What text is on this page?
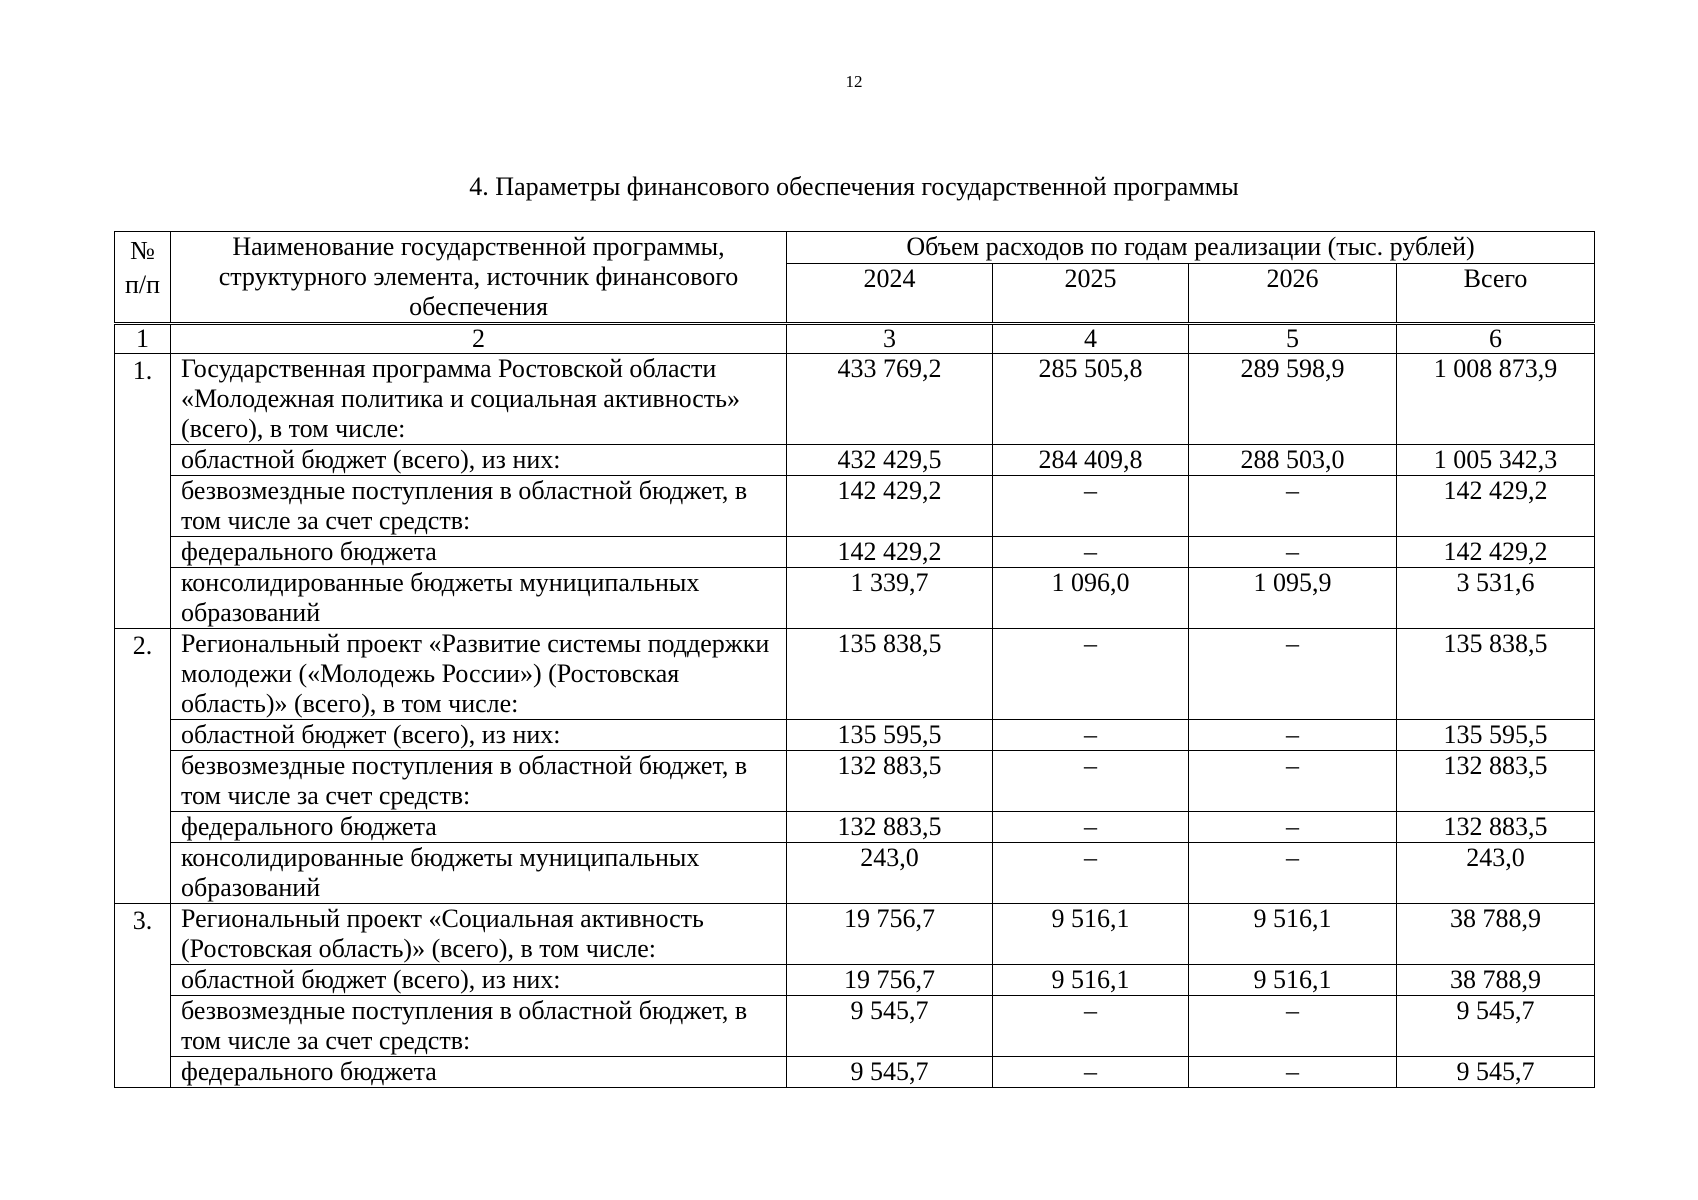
12
4. Параметры финансового обеспечения государственной программы
№ п/п	Наименование государственной программы, структурного элемента, источник финансового обеспечения	Объем расходов по годам реализации (тыс. рублей)			
		2024	2025	2026	Всего
1	2	3	4	5	6
1.	Государственная программа Ростовской области «Молодежная политика и социальная активность» (всего), в том числе:	433 769,2	285 505,8	289 598,9	1 008 873,9
	областной бюджет (всего), из них:	432 429,5	284 409,8	288 503,0	1 005 342,3
	безвозмездные поступления в областной бюджет, в том числе за счет средств:	142 429,2	–	–	142 429,2
	федерального бюджета	142 429,2	–	–	142 429,2
	консолидированные бюджеты муниципальных образований	1 339,7	1 096,0	1 095,9	3 531,6
2.	Региональный проект «Развитие системы поддержки молодежи («Молодежь России») (Ростовская область)» (всего), в том числе:	135 838,5	–	–	135 838,5
	областной бюджет (всего), из них:	135 595,5	–	–	135 595,5
	безвозмездные поступления в областной бюджет, в том числе за счет средств:	132 883,5	–	–	132 883,5
	федерального бюджета	132 883,5	–	–	132 883,5
	консолидированные бюджеты муниципальных образований	243,0	–	–	243,0
3.	Региональный проект «Социальная активность (Ростовская область)» (всего), в том числе:	19 756,7	9 516,1	9 516,1	38 788,9
	областной бюджет (всего), из них:	19 756,7	9 516,1	9 516,1	38 788,9
	безвозмездные поступления в областной бюджет, в том числе за счет средств:	9 545,7	–	–	9 545,7
	федерального бюджета	9 545,7	–	–	9 545,7
